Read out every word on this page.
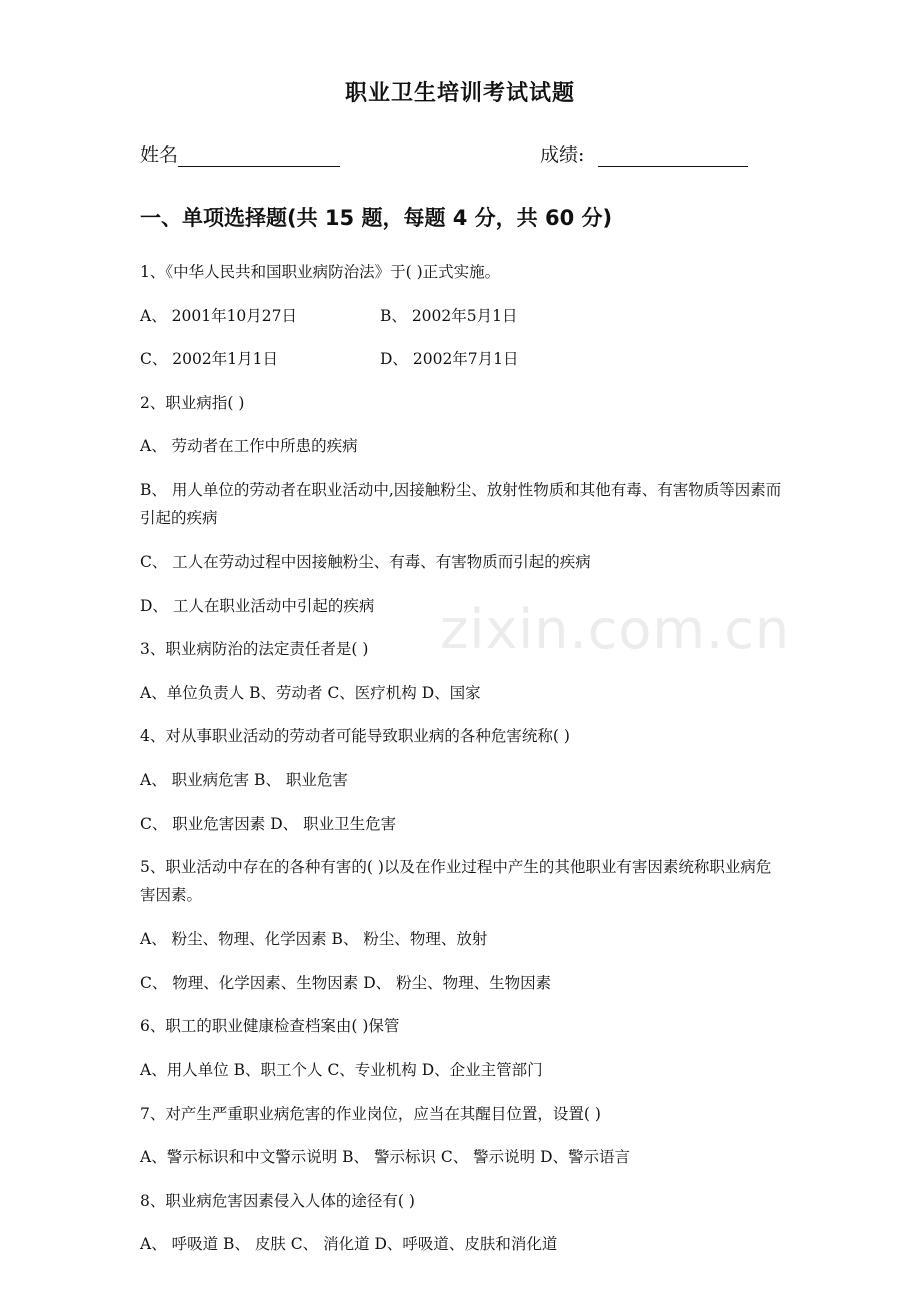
zixin.com.cn
职业卫生培训考试试题
姓名	成绩:
一、单项选择题(共 15 题，每题 4 分，共 60 分)
1、《中华人民共和国职业病防治法》于( )正式实施。
A、 2001年10月27日	B、 2002年5月1日
C、 2002年1月1日	D、 2002年7月1日
2、职业病指( )
A、 劳动者在工作中所患的疾病
B、 用人单位的劳动者在职业活动中,因接触粉尘、放射性物质和其他有毒、有害物质等因素而引起的疾病
C、 工人在劳动过程中因接触粉尘、有毒、有害物质而引起的疾病
D、 工人在职业活动中引起的疾病
3、职业病防治的法定责任者是( )
A、单位负责人 B、劳动者 C、医疗机构 D、国家
4、对从事职业活动的劳动者可能导致职业病的各种危害统称( )
A、 职业病危害 B、 职业危害
C、 职业危害因素 D、 职业卫生危害
5、职业活动中存在的各种有害的( )以及在作业过程中产生的其他职业有害因素统称职业病危害因素。
A、 粉尘、物理、化学因素 B、 粉尘、物理、放射
C、 物理、化学因素、生物因素 D、 粉尘、物理、生物因素
6、职工的职业健康检查档案由( )保管
A、用人单位 B、职工个人 C、专业机构 D、企业主管部门
7、对产生严重职业病危害的作业岗位，应当在其醒目位置，设置( )
A、警示标识和中文警示说明 B、 警示标识 C、 警示说明 D、警示语言
8、职业病危害因素侵入人体的途径有( )
A、 呼吸道 B、 皮肤 C、 消化道 D、呼吸道、皮肤和消化道
